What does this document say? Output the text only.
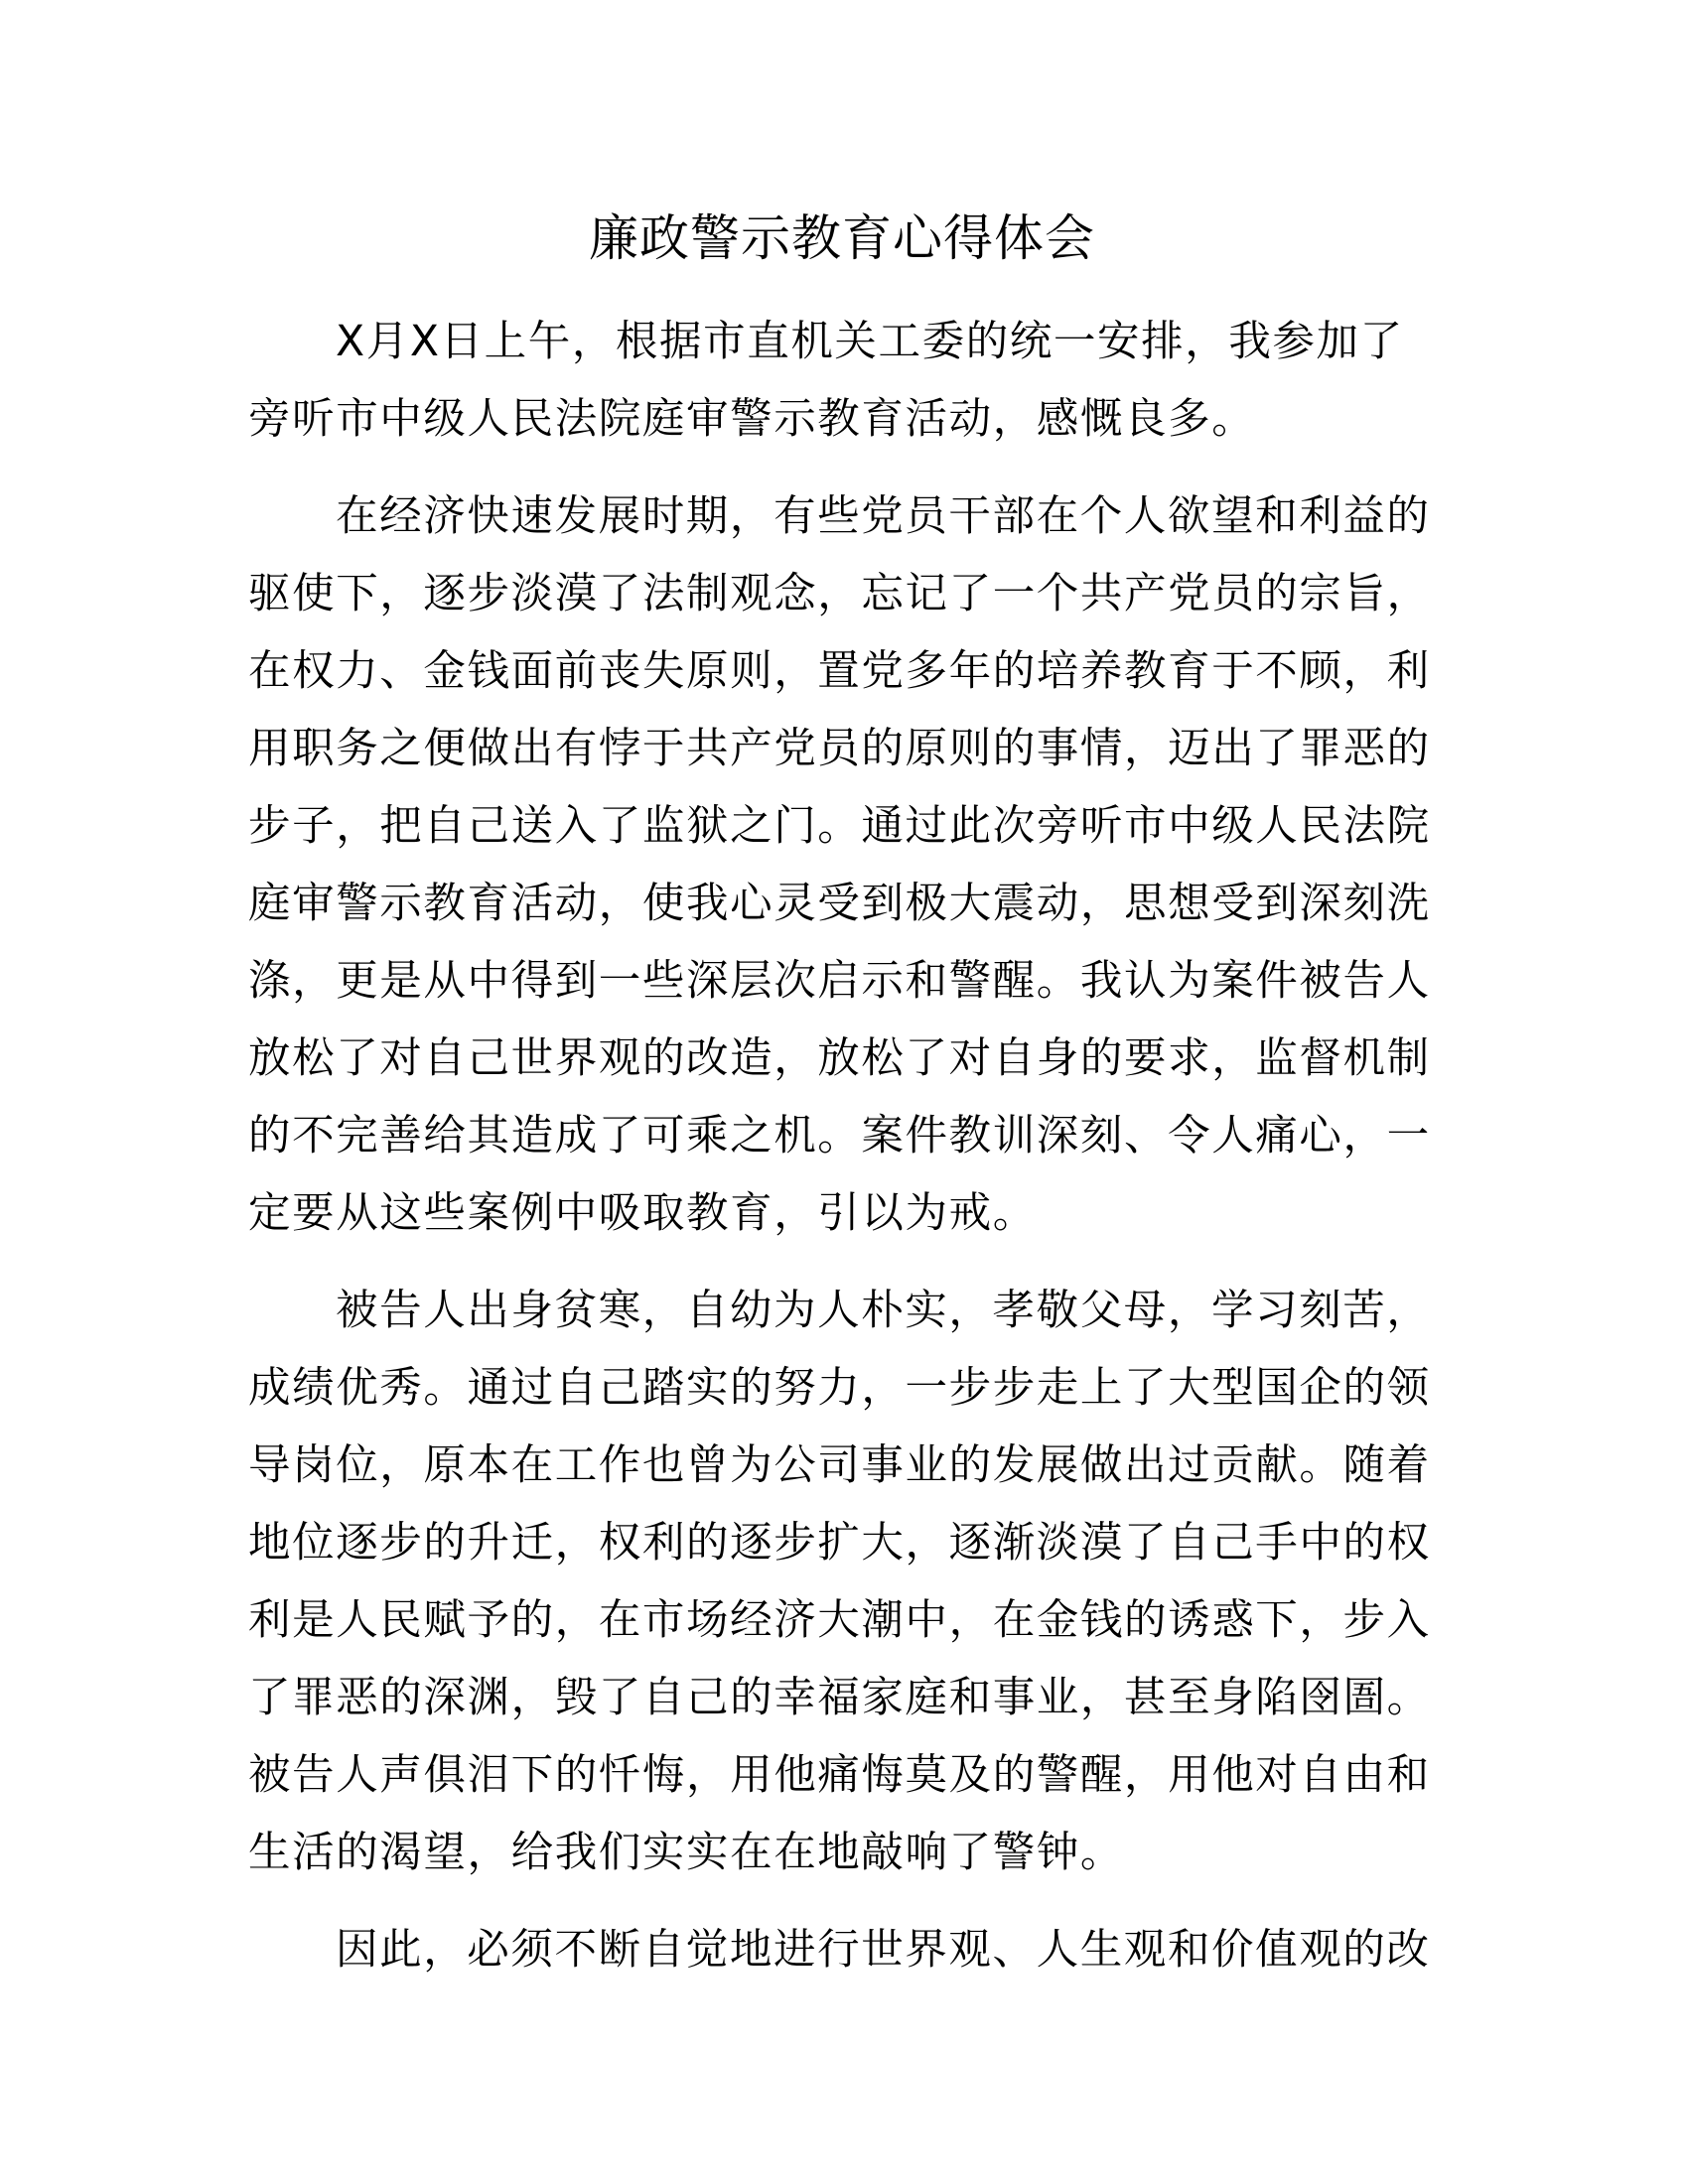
廉政警示教育心得体会
X月X日上午，根据市直机关工委的统一安排，我参加了
旁听市中级人民法院庭审警示教育活动，感慨良多。
在经济快速发展时期，有些党员干部在个人欲望和利益的
驱使下，逐步淡漠了法制观念，忘记了一个共产党员的宗旨，
在权力、金钱面前丧失原则，置党多年的培养教育于不顾，利
用职务之便做出有悖于共产党员的原则的事情，迈出了罪恶的
步子，把自己送入了监狱之门。通过此次旁听市中级人民法院
庭审警示教育活动，使我心灵受到极大震动，思想受到深刻洗
涤，更是从中得到一些深层次启示和警醒。我认为案件被告人
放松了对自己世界观的改造，放松了对自身的要求，监督机制
的不完善给其造成了可乘之机。案件教训深刻、令人痛心，一
定要从这些案例中吸取教育，引以为戒。
被告人出身贫寒，自幼为人朴实，孝敬父母，学习刻苦，
成绩优秀。通过自己踏实的努力，一步步走上了大型国企的领
导岗位，原本在工作也曾为公司事业的发展做出过贡献。随着
地位逐步的升迁，权利的逐步扩大，逐渐淡漠了自己手中的权
利是人民赋予的，在市场经济大潮中，在金钱的诱惑下，步入
了罪恶的深渊，毁了自己的幸福家庭和事业，甚至身陷囹圄。
被告人声俱泪下的忏悔，用他痛悔莫及的警醒，用他对自由和
生活的渴望，给我们实实在在地敲响了警钟。
因此，必须不断自觉地进行世界观、人生观和价值观的改
